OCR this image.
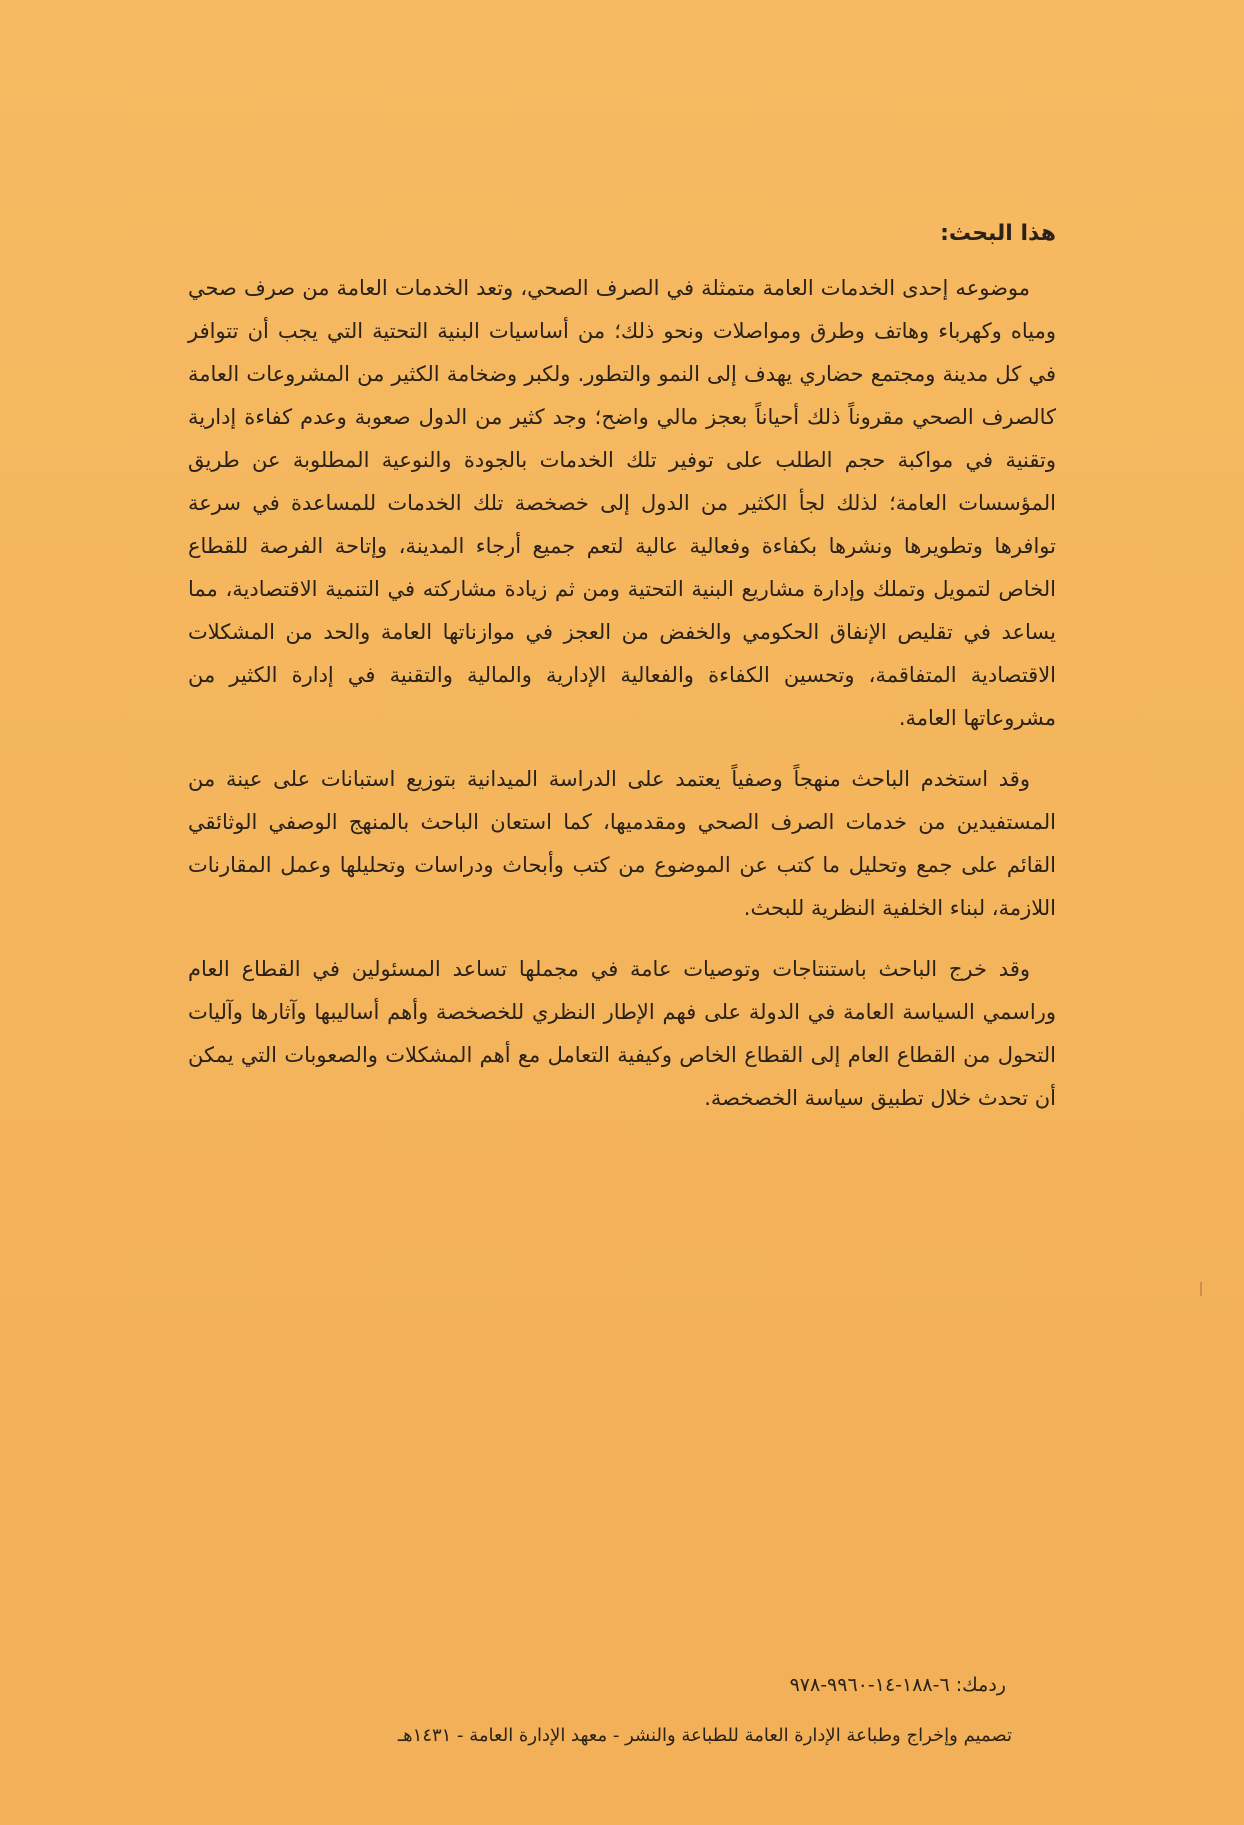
هذا البحث:

موضوعه إحدى الخدمات العامة متمثلة في الصرف الصحي، وتعد الخدمات العامة من صرف صحي ومياه وكهرباء وهاتف وطرق ومواصلات ونحو ذلك؛ من أساسيات البنية التحتية التي يجب أن تتوافر في كل مدينة ومجتمع حضاري يهدف إلى النمو والتطور. ولكبر وضخامة الكثير من المشروعات العامة كالصرف الصحي مقروناً ذلك أحياناً بعجز مالي واضح؛ وجد كثير من الدول صعوبة وعدم كفاءة إدارية وتقنية في مواكبة حجم الطلب على توفير تلك الخدمات بالجودة والنوعية المطلوبة عن طريق المؤسسات العامة؛ لذلك لجأ الكثير من الدول إلى خصخصة تلك الخدمات للمساعدة في سرعة توافرها وتطويرها ونشرها بكفاءة وفعالية عالية لتعم جميع أرجاء المدينة، وإتاحة الفرصة للقطاع الخاص لتمويل وتملك وإدارة مشاريع البنية التحتية ومن ثم زيادة مشاركته في التنمية الاقتصادية، مما يساعد في تقليص الإنفاق الحكومي والخفض من العجز في موازناتها العامة والحد من المشكلات الاقتصادية المتفاقمة، وتحسين الكفاءة والفعالية الإدارية والمالية والتقنية في إدارة الكثير من مشروعاتها العامة.

وقد استخدم الباحث منهجاً وصفياً يعتمد على الدراسة الميدانية بتوزيع استبانات على عينة من المستفيدين من خدمات الصرف الصحي ومقدميها، كما استعان الباحث بالمنهج الوصفي الوثائقي القائم على جمع وتحليل ما كتب عن الموضوع من كتب وأبحاث ودراسات وتحليلها وعمل المقارنات اللازمة، لبناء الخلفية النظرية للبحث.

وقد خرج الباحث باستنتاجات وتوصيات عامة في مجملها تساعد المسئولين في القطاع العام وراسمي السياسة العامة في الدولة على فهم الإطار النظري للخصخصة وأهم أساليبها وآثارها وآليات التحول من القطاع العام إلى القطاع الخاص وكيفية التعامل مع أهم المشكلات والصعوبات التي يمكن أن تحدث خلال تطبيق سياسة الخصخصة.

ردمك: ٦-١٨٨-١٤-٩٩٦٠-٩٧٨
تصميم وإخراج وطباعة الإدارة العامة للطباعة والنشر - معهد الإدارة العامة - ١٤٣١هـ
